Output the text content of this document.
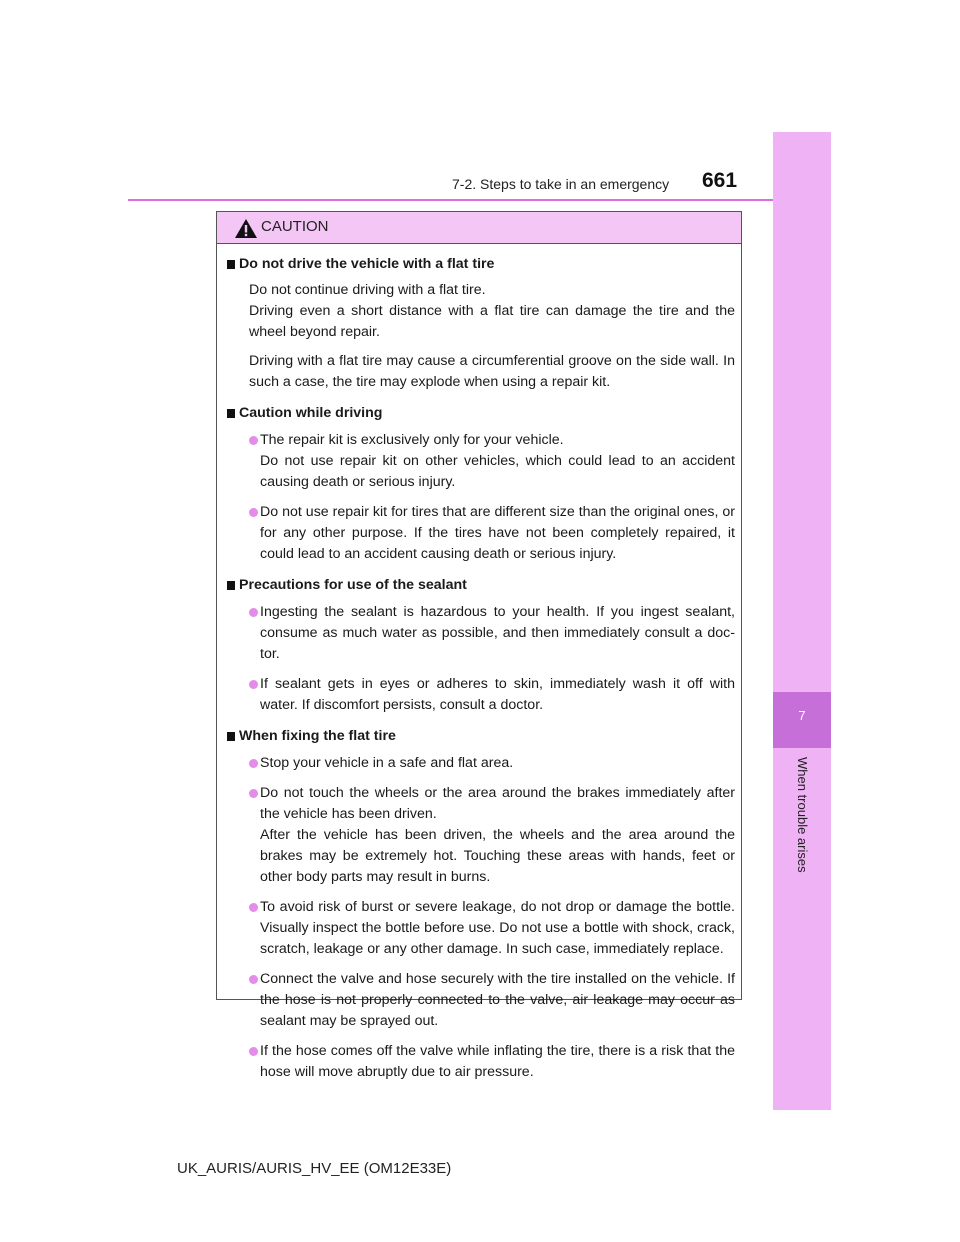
7-2. Steps to take in an emergency 661
7
When trouble arises
CAUTION
Do not drive the vehicle with a flat tire
Do not continue driving with a flat tire.
Driving even a short distance with a flat tire can damage the tire and the wheel beyond repair.
Driving with a flat tire may cause a circumferential groove on the side wall. In such a case, the tire may explode when using a repair kit.
Caution while driving

The repair kit is exclusively only for your vehicle.
Do not use repair kit on other vehicles, which could lead to an accident causing death or serious injury.

Do not use repair kit for tires that are different size than the original ones, or for any other purpose. If the tires have not been completely repaired, it could lead to an accident causing death or serious injury.

Precautions for use of the sealant

Ingesting the sealant is hazardous to your health. If you ingest sealant, consume as much water as possible, and then immediately consult a doc- tor.

If sealant gets in eyes or adheres to skin, immediately wash it off with water. If discomfort persists, consult a doctor.

When fixing the flat tire

Stop your vehicle in a safe and flat area.

Do not touch the wheels or the area around the brakes immediately after the vehicle has been driven.
After the vehicle has been driven, the wheels and the area around the brakes may be extremely hot. Touching these areas with hands, feet or other body parts may result in burns.

To avoid risk of burst or severe leakage, do not drop or damage the bottle. Visually inspect the bottle before use. Do not use a bottle with shock, crack, scratch, leakage or any other damage. In such case, immediately replace.

Connect the valve and hose securely with the tire installed on the vehicle. If the hose is not properly connected to the valve, air leakage may occur as sealant may be sprayed out.

If the hose comes off the valve while inflating the tire, there is a risk that the hose will move abruptly due to air pressure.

UK_AURIS/AURIS_HV_EE (OM12E33E)
